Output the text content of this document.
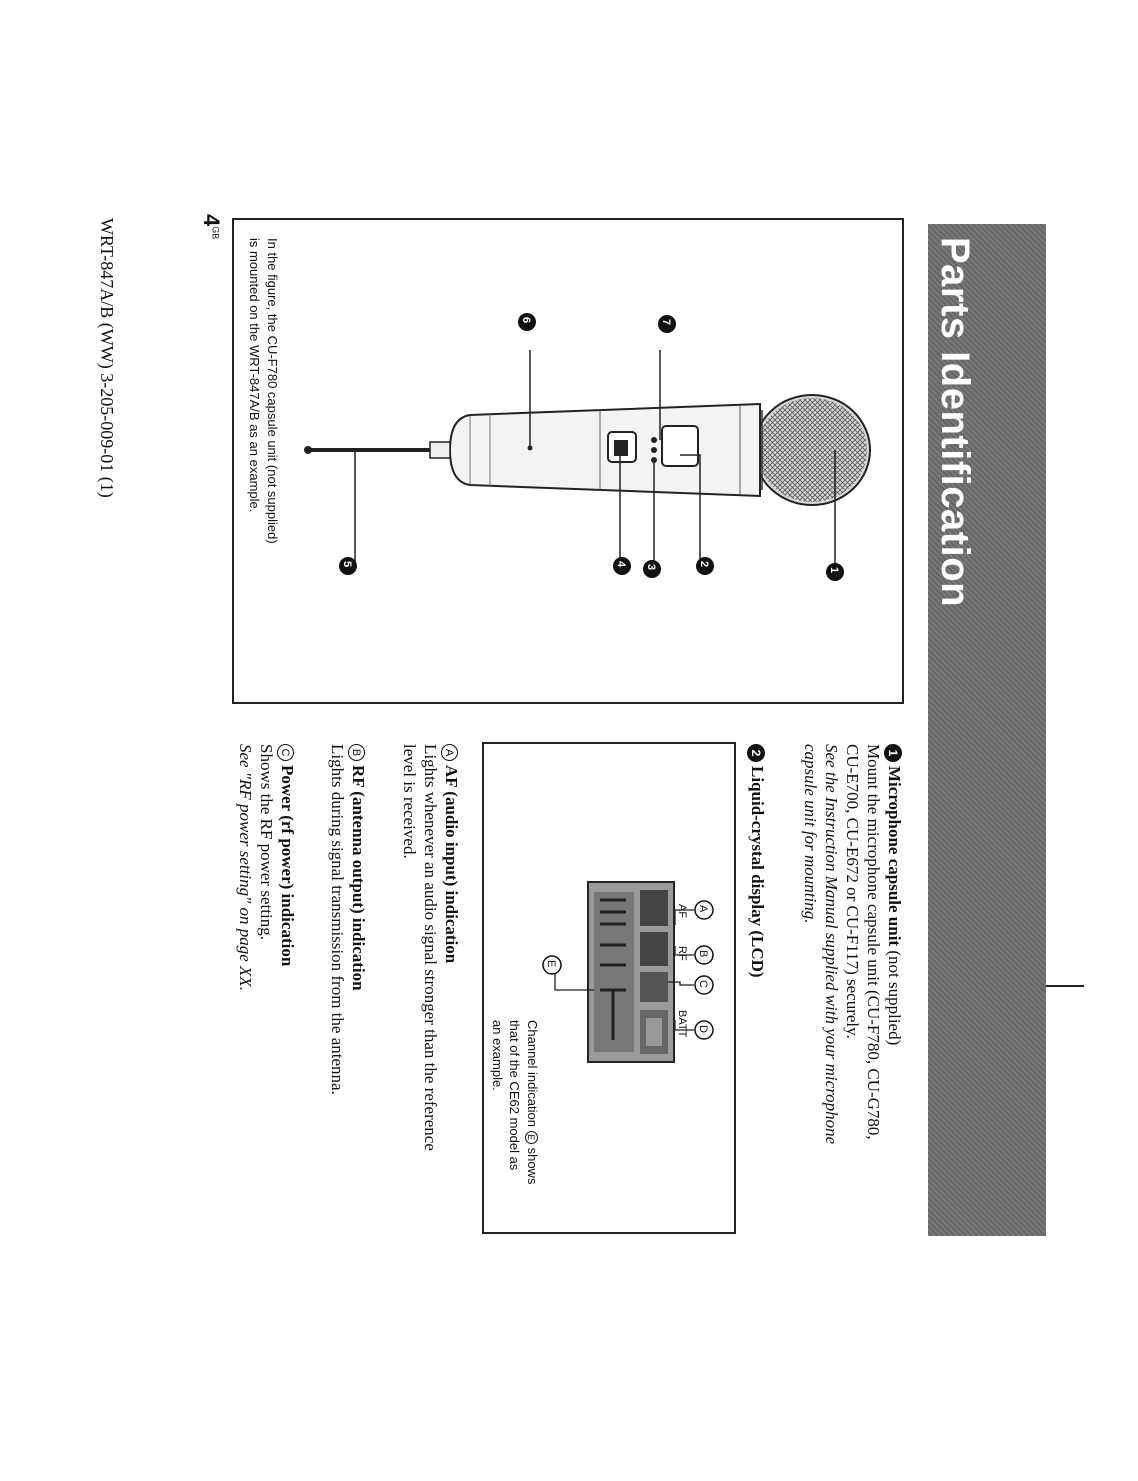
Parts Identification
1
2
3
4
5
6	7
In the figure, the CU-F780 capsule unit (not supplied)
is mounted on the WRT-847A/B as an example.
1Microphone capsule unit (not supplied)
Mount the microphone capsule unit (CU-F780, CU-G780,
CU-E700, CU-E672 or CU-F117) securely.
See the Instruction Manual supplied with your microphone
capsule unit for mounting.
2Liquid-crystal display (LCD)
A
B
C
D
E
AF
RF
BATT
Channel indication Eshows
that of the CE62 model as
an example.
AAF (audio input) indication
Lights whenever an audio signal stronger than the reference
level is received.
BRF (antenna output) indication
Lights during signal transmission from the antenna.
CPower (rf power) indication
Shows the RF power setting.
See "RF power setting" on page XX.
$4^{GB}$
WRT-847A/B (WW) 3-205-009-01 (1)
